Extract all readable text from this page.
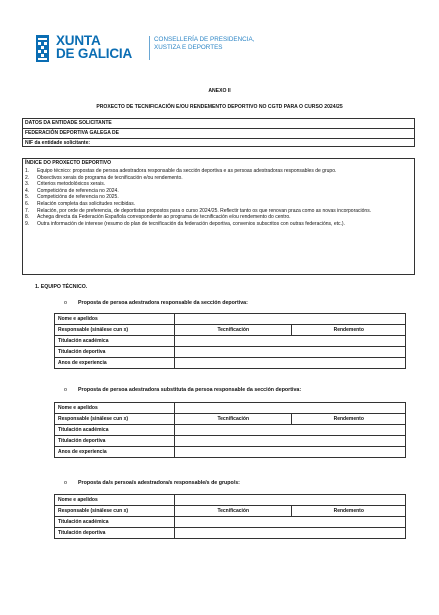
XUNTA
DE GALICIA
CONSELLERÍA DE PRESIDENCIA,
XUSTIZA E DEPORTES
ANEXO II
PROXECTO DE TECNIFICACIÓN E/OU RENDEMENTO DEPORTIVO NO CGTD PARA O CURSO 2024/25
DATOS DA ENTIDADE SOLICITANTE
FEDERACIÓN DEPORTIVA GALEGA DE
NIF da entidade solicitante:
ÍNDICE DO PROXECTO DEPORTIVO
1. Equipo técnico: propostas de persoa adestradora responsable da sección deportiva e as persoas adestradoras responsables de grupo.
2. Obxectivos xerais do programa de tecnificación e/ou rendemento.
3. Criterios metodolóxicos xerais.
4. Competicións de referencia no 2024.
5. Competicións de referencia no 2025.
6. Relación completa das solicitudes recibidas.
7. Relación, por orde de preferencia, de deportistas propostos para o curso 2024/25. Reflectir tanto os que renovan praza como as novas incorporacións.
8. Achega directa da Federación Española correspondente ao programa de tecnificación e/ou rendemento do centro.
9. Outra información de interese (resumo do plan de tecnificación da federación deportiva, convenios subscritos con outras federacións, etc.).
1. EQUIPO TÉCNICO.
o Proposta de persoa adestradora responsable da sección deportiva:
Nome e apelidos		
Responsable (sinálese cun x)	Tecnificación	Rendemento
Titulación académica		
Titulación deportiva		
Anos de experiencia		
o Proposta de persoa adestradora substituta da persoa responsable da sección deportiva:
Nome e apelidos		
Responsable (sinálese cun x)	Tecnificación	Rendemento
Titulación académica		
Titulación deportiva		
Anos de experiencia		
o Proposta da/s persoa/s adestradora/s responsable/s de grupo/s:
Nome e apelidos		
Responsable (sinálese cun x)	Tecnificación	Rendemento
Titulación académica		
Titulación deportiva		
